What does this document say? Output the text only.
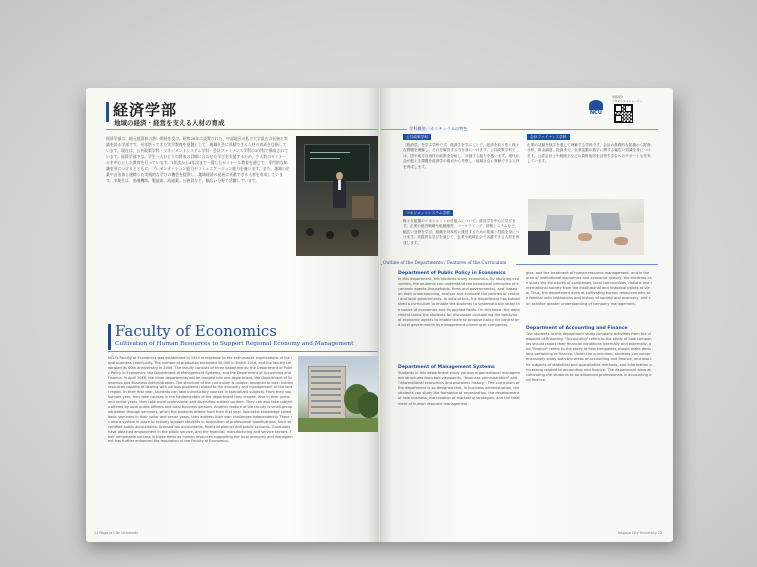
経済学部
地域の経済・経営を支える人材の育成
経済学部は、地元経済界の熱い期待を受け、昭和26年に設置された、中部地区の私立大学最古の伝統と実績を誇る学部です。長年培ってきた実学教育を基盤として、地域社会に貢献できる人材の育成を目指しています。現在は、公共政策学科・マネジメントシステム学科・会計ファイナンス学科の3学科で構成されています。経済学部では、学生一人ひとりの将来の目標に合わせた学びを支援するため、少人数のゼミナールを中心とした教育を行っています。1年次から4年次まで一貫したゼミナール教育を通じて、専門的な知識を身につけるとともに、プレゼンテーション能力やコミュニケーション能力を養います。また、地域の企業や自治体と連携した実践的な学びの機会を提供し、地域経済の発展に貢献できる人材を育成しています。卒業生は、金融機関、製造業、流通業、公務員など、幅広い分野で活躍しています。
Faculty of Economics
Cultivation of Human Resources to Support Regional Economy and Management
NCU's Faculty of Economics was established in 1949 in response to the enthusiastic expectations of the local business community. The number of graduates exceeded 30,000 in March 2016, and the faculty celebrated its 60th anniversary in 2009. The faculty consists of three departments: the Department of Public Policy in Economics, the Department of Management Systems, and the Department of Accounting and Finance. In April 2016, the three departments will be merged into one department, the Department of Economics and Business Administration. The structure of the curriculum is unique: designed to train human resources capable of dealing with various problems related to the economy and management of the local region. In their first year, students can take introductory courses in specialized subjects. From their sophomore year, they take courses in the fundamentals of the department they choose. Also in their junior and senior years, they take more professional and diversified subject content. They can also take subjects offered by local public officers and local business persons. Another feature of the faculty is small-group education through seminars, which the students attend from their first year. Specialist knowledge called basic seminars in their junior and senior years, they address their own challenges independently. There is also a system in place to actively support students in acquisition of professional qualifications, such as certified public accountants, licensed tax accountants, financial planner and public servants. Graduates have obtained employment in the public service, and the financial, manufacturing and service sectors. Their remarkable success in these fields as human resources supporting the local economy and management has further enhanced the reputation of the Faculty of Economics.
21 Nagoya City University
NCU
学部紹介
プロモーションムービー
学科概要／カリキュラムの特色
公共政策学科
「経済学」を学ぶ学科です。経済学を学ぶことで、経済を取り巻く様々な問題を理解し、それを解決する力を身につけます。公共政策学科では、国や地方自治体の政策を分析し、評価する能力を養います。現代社会が抱える課題を経済学の視点から考察し、地域社会に貢献できる人材を育成します。
マネジメントシステム学科
様々な組織のマネジメントの仕組みについて、経営学を中心に学びます。企業の経営戦略や組織運営、マーケティング、情報システムなど、幅広い分野を学び、組織を効率的に運営するための知識と技能を身につけます。実践的な学びを通じて、企業や地域社会で活躍できる人材を育成します。
会計ファイナンス学科
企業の活動を数字を通して理解する学科です。会計の基礎的な知識から財務分析、資金調達、投資まで、企業活動の数字に関する幅広い知識を身につけます。公認会計士や税理士などの資格取得を目指す学生へのサポートも充実しています。
Outline of the Departments / Features of the Curriculum
Department of Public Policy in Economics
In this department, the students study economics. By studying economics, the students can understand the behavioral principles of economic agents (households, firms and governments), and, based on their understanding, analyze and evaluate the policies of central and local governments. In view of this, the department has established a curriculum to enable the students to systematically study the basics of economics and its applied fields. On this basis, the department trains the students for discussion considering the behavior of economic agents to enable them to propose policy for central and local governments as management planning at companies.
Department of Management Systems
Students in this department study various organizational management structures from two viewpoints, "business administration" and "informational economics and economic history". The curriculum of the department is so designed that, in business administration, the students can study the formation of organization, the development of new business, the creation of marketing strategies, and the treatment of human resource management.
gies, and the treatment of human resource management, and in the area of institutional economics and economic history, the students can study the structures of companies, local communities, nations and international society from the institutional and historical points of view. Thus, the department aims at cultivating human resources who are familiar with institutions and history of society and economy, and can achieve greater understanding of company management.
Department of Accounting and Finance
The students in this department study company activities from the viewpoint of financing. "Accounting" refers to the study of how companies should report their financial conditions internally and externally, and "finance" refers to the study of how companies should make decisions pertaining to finance. Under the curriculum, students can comprehensively study both the areas of accounting and finance, and also the subjects of statistical and quantitative methods, and information processing related to accounting and finance. The department aims at cultivating the students to be advanced professionals in accounting and finance.
Nagoya City University 22
